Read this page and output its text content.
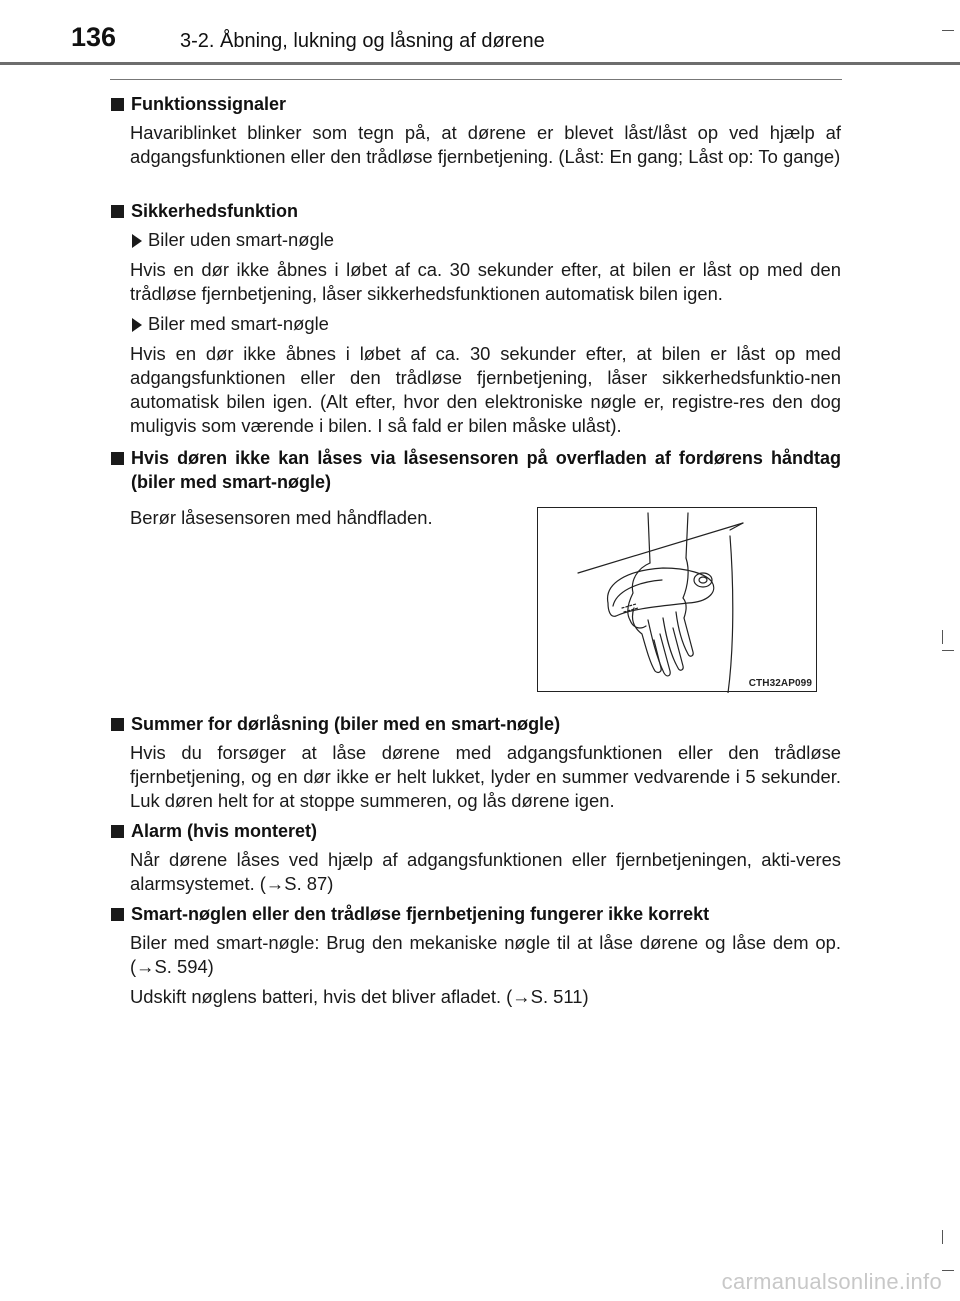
136	3-2. Åbning, lukning og låsning af dørene
Funktionssignaler
Havariblinket blinker som tegn på, at dørene er blevet låst/låst op ved hjælp af adgangsfunktionen eller den trådløse fjernbetjening. (Låst: En gang; Låst op: To gange)
Sikkerhedsfunktion
Biler uden smart-nøgle
Hvis en dør ikke åbnes i løbet af ca. 30 sekunder efter, at bilen er låst op med den trådløse fjernbetjening, låser sikkerhedsfunktionen automatisk bilen igen.
Biler med smart-nøgle
Hvis en dør ikke åbnes i løbet af ca. 30 sekunder efter, at bilen er låst op med adgangsfunktionen eller den trådløse fjernbetjening, låser sikkerhedsfunktio-nen automatisk bilen igen. (Alt efter, hvor den elektroniske nøgle er, registre-res den dog muligvis som værende i bilen. I så fald er bilen måske ulåst).
Hvis døren ikke kan låses via låsesensoren på overfladen af fordørens håndtag (biler med smart-nøgle)
Berør låsesensoren med håndfladen.
CTH32AP099
Summer for dørlåsning (biler med en smart-nøgle)
Hvis du forsøger at låse dørene med adgangsfunktionen eller den trådløse fjernbetjening, og en dør ikke er helt lukket, lyder en summer vedvarende i 5 sekunder. Luk døren helt for at stoppe summeren, og lås dørene igen.
Alarm (hvis monteret)
Når dørene låses ved hjælp af adgangsfunktionen eller fjernbetjeningen, akti-veres alarmsystemet. (→S. 87)
Smart-nøglen eller den trådløse fjernbetjening fungerer ikke korrekt
Biler med smart-nøgle: Brug den mekaniske nøgle til at låse dørene og låse dem op. (→S. 594)
Udskift nøglens batteri, hvis det bliver afladet. (→S. 511)
carmanualsonline.info
